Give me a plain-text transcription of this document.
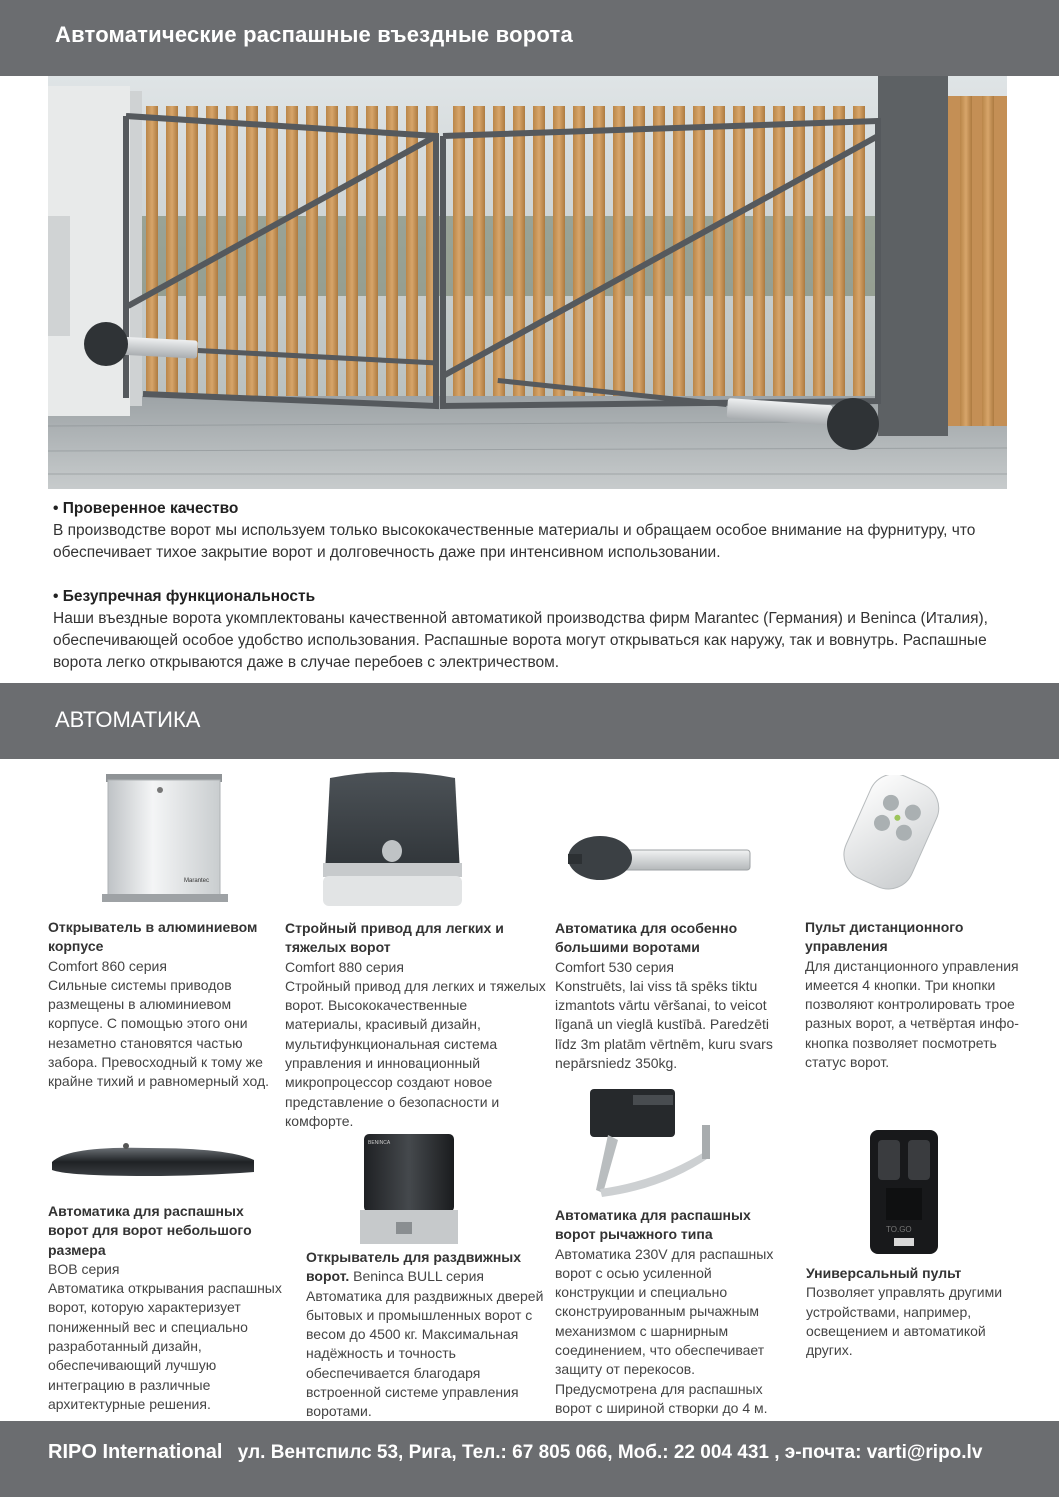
Автоматические распашные въездные ворота
• Проверенное качество

В производстве ворот мы используем только высококачественные материалы и обращаем особое внимание на фурнитуру, что обеспечивает тихое закрытие ворот и долговечность даже при интенсивном использовании.

• Безупречная функциональность

Наши въездные ворота укомплектованы качественной автоматикой производства фирм Marantec (Германия) и Beninca (Италия), обеспечивающей особое удобство использования. Распашные ворота могут открываться как наружу, так и вовнутрь. Распашные ворота легко открываются даже в случае перебоев с электричеством.

АВТОМАТИКА
Marantec
BENINCA
TO.GO
Открыватель в алюминиевом корпусе
Comfort 860 серия
Сильные системы приводов размещены в алюминиевом корпусе. С помощью этого они незаметно становятся частью забора. Превосходный к тому же крайне тихий и равномерный ход.
Стройный привод для легких и тяжелых ворот
Comfort 880 серия
Стройный привод для легких и тяжелых ворот. Высококачественные материалы, красивый дизайн, мультифункциональная система управления и инновационный микропроцессор создают новое представление о безопасности и комфорте.
Автоматика для особенно большими воротами
Comfort 530 серия
Konstruēts, lai viss tā spēks tiktu izmantots vārtu vēršanai, to veicot līganā un vieglā kustībā. Paredzēti līdz 3m platām vērtnēm, kuru svars nepārsniedz 350kg.
Пульт дистанционного управления
Для дистанционного управления имеется 4 кнопки. Три кнопки позволяют контролировать трое разных ворот, а четвёртая инфо-кнопка позволяет посмотреть статус ворот.
Автоматика для распашных ворот для ворот небольшого размера
BOB серия
Автоматика открывания распашных ворот, которую характеризует пониженный вес и специально разработанный дизайн, обеспечивающий лучшую интеграцию в различные архитектурные решения.
Открыватель для раздвижных ворот. Beninca BULL серия
Автоматика для раздвижных дверей бытовых и промышленных ворот с весом до 4500 кг. Максимальная надёжность и точность обеспечивается благодаря встроенной системе управления воротами.
Автоматика для распашных ворот рычажного типа
Автоматика 230V для распашных ворот с осью усиленной конструкции и специально сконструированным рычажным механизмом с шарнирным соединением, что обеспечивает защиту от перекосов. Предусмотрена для распашных ворот с шириной створки до 4 м.
Универсальный пульт
Позволяет управлять другими устройствами, например, освещением и автоматикой других.
RIPO International ул. Вентспилс 53, Рига, Тел.: 67 805 066, Моб.: 22 004 431 , э-почта: varti@ripo.lv
